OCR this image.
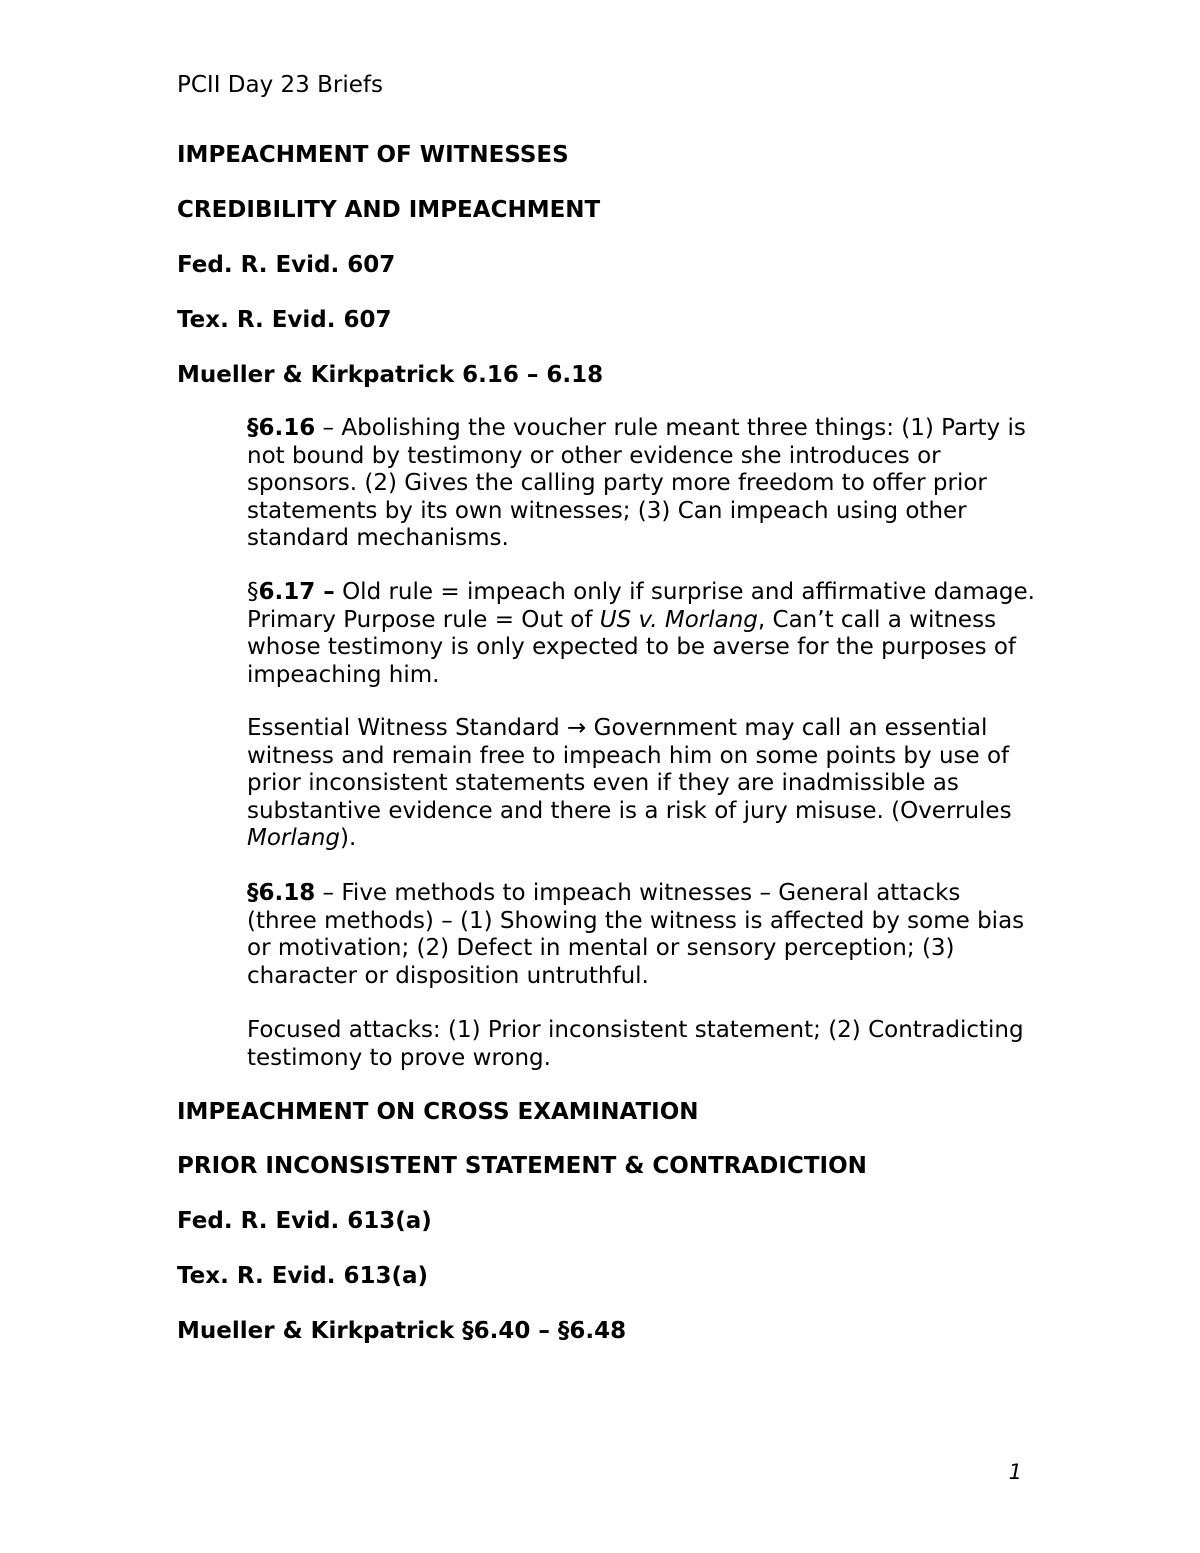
PCII Day 23 Briefs
IMPEACHMENT OF WITNESSES
CREDIBILITY AND IMPEACHMENT
Fed. R. Evid. 607
Tex. R. Evid. 607
Mueller & Kirkpatrick 6.16 – 6.18
§6.16 – Abolishing the voucher rule meant three things: (1) Party is not bound by testimony or other evidence she introduces or sponsors. (2) Gives the calling party more freedom to offer prior statements by its own witnesses; (3) Can impeach using other standard mechanisms.
§6.17 – Old rule = impeach only if surprise and affirmative damage. Primary Purpose rule = Out of US v. Morlang, Can’t call a witness whose testimony is only expected to be averse for the purposes of impeaching him.
Essential Witness Standard → Government may call an essential witness and remain free to impeach him on some points by use of prior inconsistent statements even if they are inadmissible as substantive evidence and there is a risk of jury misuse. (Overrules Morlang).
§6.18 – Five methods to impeach witnesses – General attacks (three methods) – (1) Showing the witness is affected by some bias or motivation; (2) Defect in mental or sensory perception; (3) character or disposition untruthful.
Focused attacks: (1) Prior inconsistent statement; (2) Contradicting testimony to prove wrong.
IMPEACHMENT ON CROSS EXAMINATION
PRIOR INCONSISTENT STATEMENT & CONTRADICTION
Fed. R. Evid. 613(a)
Tex. R. Evid. 613(a)
Mueller & Kirkpatrick §6.40 – §6.48
1
